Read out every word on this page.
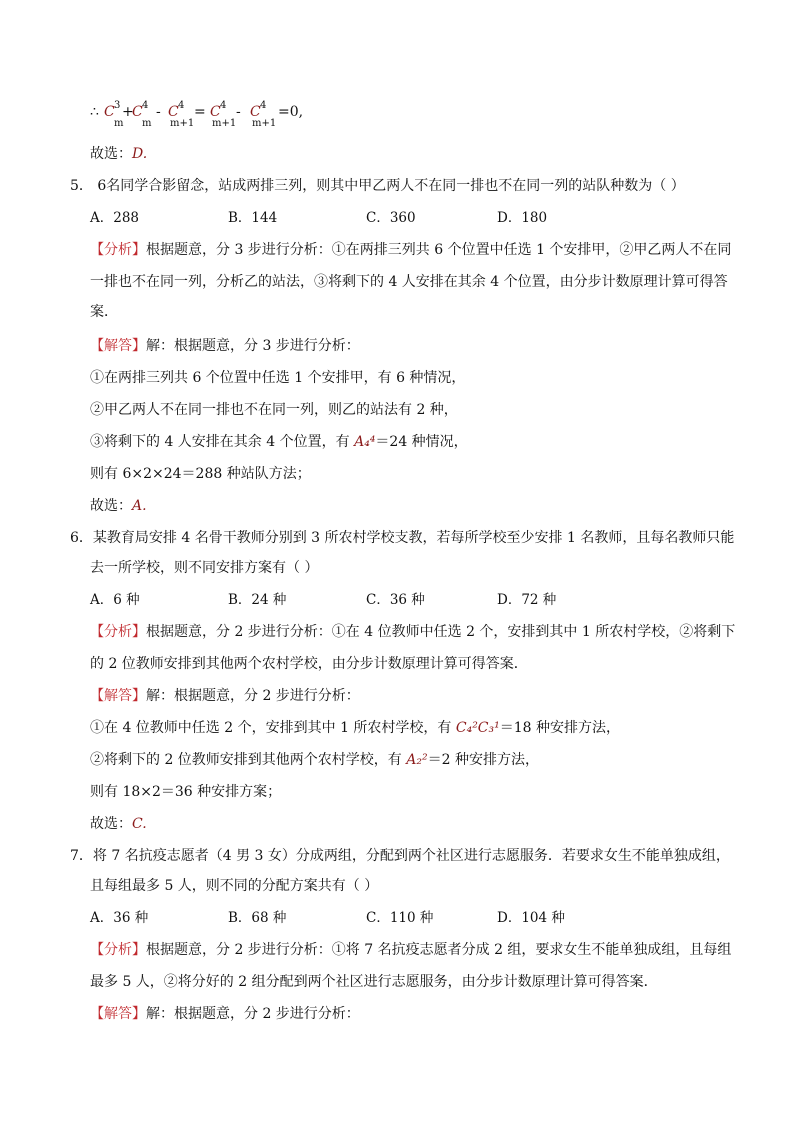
∴ C 3
m
+
C 4
m
- C 4
m+1
= C 4
m+1
- C 4
m+1
=0,
故选：D.
5． 6名同学合影留念，站成两排三列，则其中甲乙两人不在同一排也不在同一列的站队种数为（ ）
A．288	B．144	C．360	D．180
【分析】根据题意，分 3 步进行分析：①在两排三列共 6 个位置中任选 1 个安排甲，②甲乙两人不在同
一排也不在同一列，分析乙的站法，③将剩下的 4 人安排在其余 4 个位置，由分步计数原理计算可得答
案．
【解答】解：根据题意，分 3 步进行分析：
①在两排三列共 6 个位置中任选 1 个安排甲，有 6 种情况，
②甲乙两人不在同一排也不在同一列，则乙的站法有 2 种，
③将剩下的 4 人安排在其余 4 个位置，有 A₄⁴＝24 种情况，
则有 6×2×24＝288 种站队方法；
故选：A.
6．某教育局安排 4 名骨干教师分别到 3 所农村学校支教，若每所学校至少安排 1 名教师，且每名教师只能
去一所学校，则不同安排方案有（ ）
A．6 种	B．24 种	C．36 种	D．72 种
【分析】根据题意，分 2 步进行分析：①在 4 位教师中任选 2 个，安排到其中 1 所农村学校，②将剩下
的 2 位教师安排到其他两个农村学校，由分步计数原理计算可得答案．
【解答】解：根据题意，分 2 步进行分析：
①在 4 位教师中任选 2 个，安排到其中 1 所农村学校，有 C₄²C₃¹＝18 种安排方法，
②将剩下的 2 位教师安排到其他两个农村学校，有 A₂²＝2 种安排方法，
则有 18×2＝36 种安排方案；
故选：C.
7．将 7 名抗疫志愿者（4 男 3 女）分成两组，分配到两个社区进行志愿服务．若要求女生不能单独成组，
且每组最多 5 人，则不同的分配方案共有（ ）
A．36 种	B．68 种	C．110 种	D．104 种
【分析】根据题意，分 2 步进行分析：①将 7 名抗疫志愿者分成 2 组，要求女生不能单独成组，且每组
最多 5 人，②将分好的 2 组分配到两个社区进行志愿服务，由分步计数原理计算可得答案．
【解答】解：根据题意，分 2 步进行分析：
